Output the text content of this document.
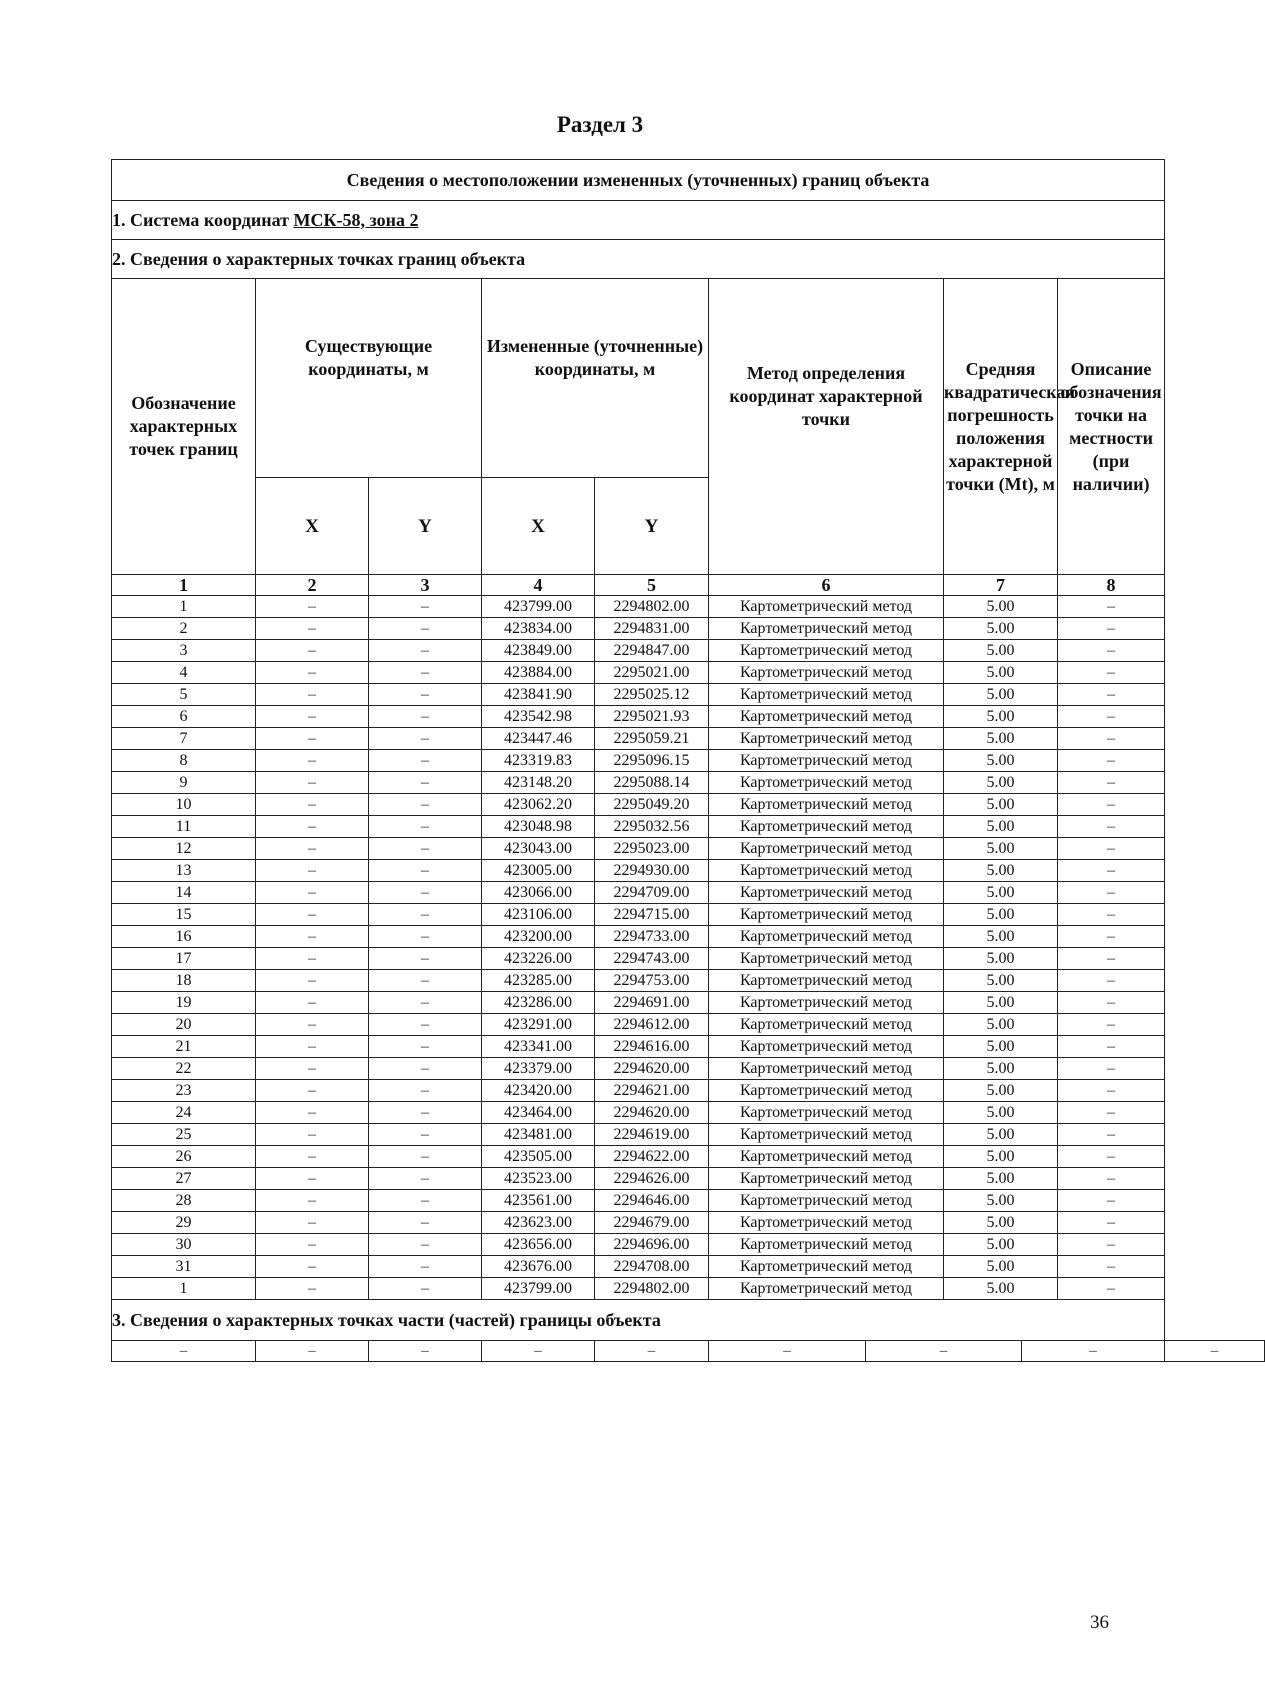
Раздел 3
Сведения о местоположении измененных (уточненных) границ объекта							
1. Система координат МСК-58, зона 2							
2. Сведения о характерных точках границ объекта							
Обозначение характерных точек границ	Существующие координаты, м		Измененные (уточненные) координаты, м		Метод определения координат характерной точки	Средняя квадратическая погрешность положения характерной точки (Mt), м	Описание обозначения точки на местности (при наличии)
	X	Y	X	Y			
1	2	3	4	5	6	7	8
1	–	–	423799.00	2294802.00	Картометрический метод	5.00	–
2	–	–	423834.00	2294831.00	Картометрический метод	5.00	–
3	–	–	423849.00	2294847.00	Картометрический метод	5.00	–
4	–	–	423884.00	2295021.00	Картометрический метод	5.00	–
5	–	–	423841.90	2295025.12	Картометрический метод	5.00	–
6	–	–	423542.98	2295021.93	Картометрический метод	5.00	–
7	–	–	423447.46	2295059.21	Картометрический метод	5.00	–
8	–	–	423319.83	2295096.15	Картометрический метод	5.00	–
9	–	–	423148.20	2295088.14	Картометрический метод	5.00	–
10	–	–	423062.20	2295049.20	Картометрический метод	5.00	–
11	–	–	423048.98	2295032.56	Картометрический метод	5.00	–
12	–	–	423043.00	2295023.00	Картометрический метод	5.00	–
13	–	–	423005.00	2294930.00	Картометрический метод	5.00	–
14	–	–	423066.00	2294709.00	Картометрический метод	5.00	–
15	–	–	423106.00	2294715.00	Картометрический метод	5.00	–
16	–	–	423200.00	2294733.00	Картометрический метод	5.00	–
17	–	–	423226.00	2294743.00	Картометрический метод	5.00	–
18	–	–	423285.00	2294753.00	Картометрический метод	5.00	–
19	–	–	423286.00	2294691.00	Картометрический метод	5.00	–
20	–	–	423291.00	2294612.00	Картометрический метод	5.00	–
21	–	–	423341.00	2294616.00	Картометрический метод	5.00	–
22	–	–	423379.00	2294620.00	Картометрический метод	5.00	–
23	–	–	423420.00	2294621.00	Картометрический метод	5.00	–
24	–	–	423464.00	2294620.00	Картометрический метод	5.00	–
25	–	–	423481.00	2294619.00	Картометрический метод	5.00	–
26	–	–	423505.00	2294622.00	Картометрический метод	5.00	–
27	–	–	423523.00	2294626.00	Картометрический метод	5.00	–
28	–	–	423561.00	2294646.00	Картометрический метод	5.00	–
29	–	–	423623.00	2294679.00	Картометрический метод	5.00	–
30	–	–	423656.00	2294696.00	Картометрический метод	5.00	–
31	–	–	423676.00	2294708.00	Картометрический метод	5.00	–
1	–	–	423799.00	2294802.00	Картометрический метод	5.00	–
3. Сведения о характерных точках части (частей) границы объекта							
–	–	–	–	–	–	–	–	–
36
